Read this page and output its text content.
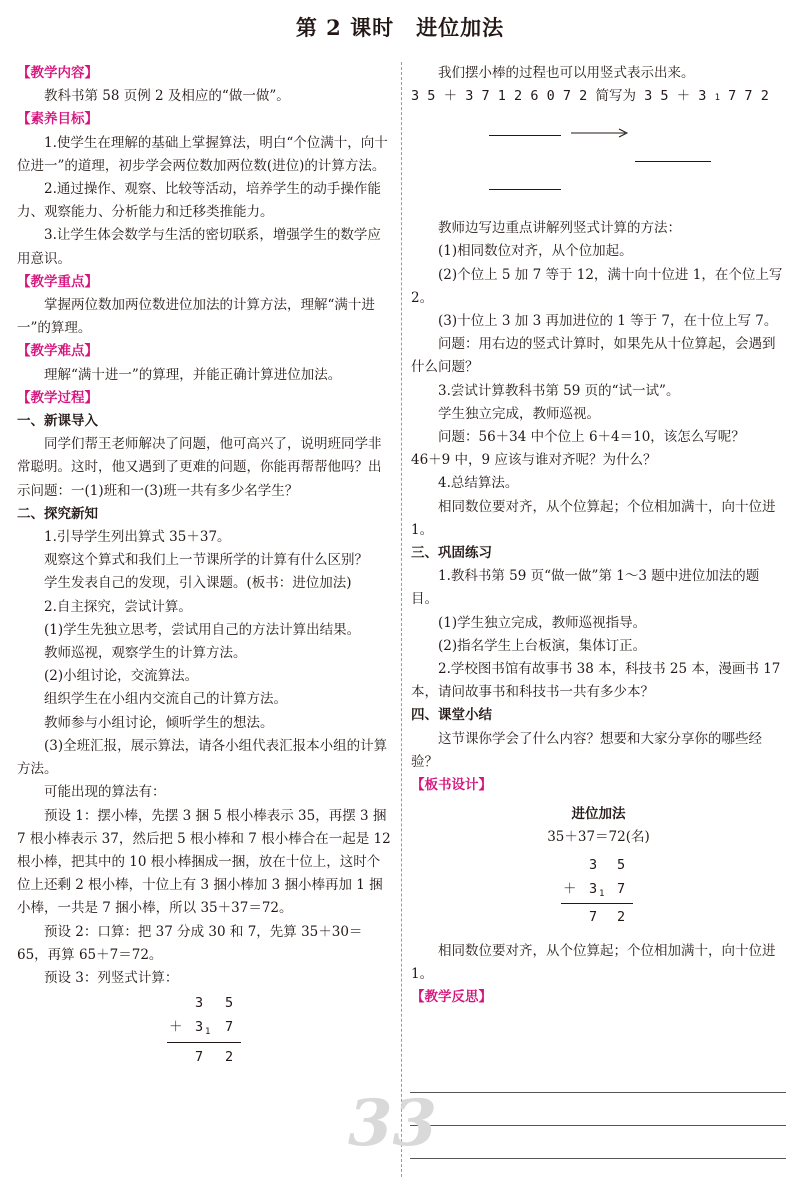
第 2 课时　进位加法

【教学内容】

教科书第 58 页例 2 及相应的“做一做”。

【素养目标】

1.使学生在理解的基础上掌握算法，明白“个位满十，向十位进一”的道理，初步学会两位数加两位数(进位)的计算方法。

2.通过操作、观察、比较等活动，培养学生的动手操作能力、观察能力、分析能力和迁移类推能力。

3.让学生体会数学与生活的密切联系，增强学生的数学应用意识。

【教学重点】

掌握两位数加两位数进位加法的计算方法，理解“满十进一”的算理。

【教学难点】

理解“满十进一”的算理，并能正确计算进位加法。

【教学过程】

一、新课导入

同学们帮王老师解决了问题，他可高兴了，说明班同学非常聪明。这时，他又遇到了更难的问题，你能再帮帮他吗？出示问题：一(1)班和一(3)班一共有多少名学生？

二、探究新知

1.引导学生列出算式 35＋37。

观察这个算式和我们上一节课所学的计算有什么区别？

学生发表自己的发现，引入课题。(板书：进位加法)

2.自主探究，尝试计算。

(1)学生先独立思考，尝试用自己的方法计算出结果。

教师巡视，观察学生的计算方法。

(2)小组讨论，交流算法。

组织学生在小组内交流自己的计算方法。

教师参与小组讨论，倾听学生的想法。

(3)全班汇报，展示算法，请各小组代表汇报本小组的计算方法。

可能出现的算法有：

预设 1：摆小棒，先摆 3 捆 5 根小棒表示 35，再摆 3 捆 7 根小棒表示 37，然后把 5 根小棒和 7 根小棒合在一起是 12 根小棒，把其中的 10 根小棒捆成一捆，放在十位上，这时个位上还剩 2 根小棒，十位上有 3 捆小棒加 3 捆小棒再加 1 捆小棒，一共是 7 捆小棒，所以 35＋37＝72。

预设 2：口算：把 37 分成 30 和 7，先算 35＋30＝65，再算 65＋7＝72。

预设 3：列竖式计算：

3 5
＋ 3 1 7
7 2

我们摆小棒的过程也可以用竖式表示出来。

3 5 ＋ 3 7 1 2 6 0 7 2 简写为 3 5 ＋ 3 1 7 7 2

教师边写边重点讲解列竖式计算的方法：

(1)相同数位对齐，从个位加起。

(2)个位上 5 加 7 等于 12，满十向十位进 1，在个位上写 2。

(3)十位上 3 加 3 再加进位的 1 等于 7，在十位上写 7。

问题：用右边的竖式计算时，如果先从十位算起，会遇到什么问题？

3.尝试计算教科书第 59 页的“试一试”。

学生独立完成，教师巡视。

问题：56＋34 中个位上 6＋4＝10，该怎么写呢？

46＋9 中，9 应该与谁对齐呢？为什么？

4.总结算法。

相同数位要对齐，从个位算起；个位相加满十，向十位进 1。

三、巩固练习

1.教科书第 59 页“做一做”第 1～3 题中进位加法的题目。

(1)学生独立完成，教师巡视指导。

(2)指名学生上台板演，集体订正。

2.学校图书馆有故事书 38 本，科技书 25 本，漫画书 17 本，请问故事书和科技书一共有多少本？

四、课堂小结

这节课你学会了什么内容？想要和大家分享你的哪些经验？

【板书设计】

进位加法

35＋37＝72(名)

3 5
＋ 3 1 7
7 2

相同数位要对齐，从个位算起；个位相加满十，向十位进 1。

【教学反思】

33
